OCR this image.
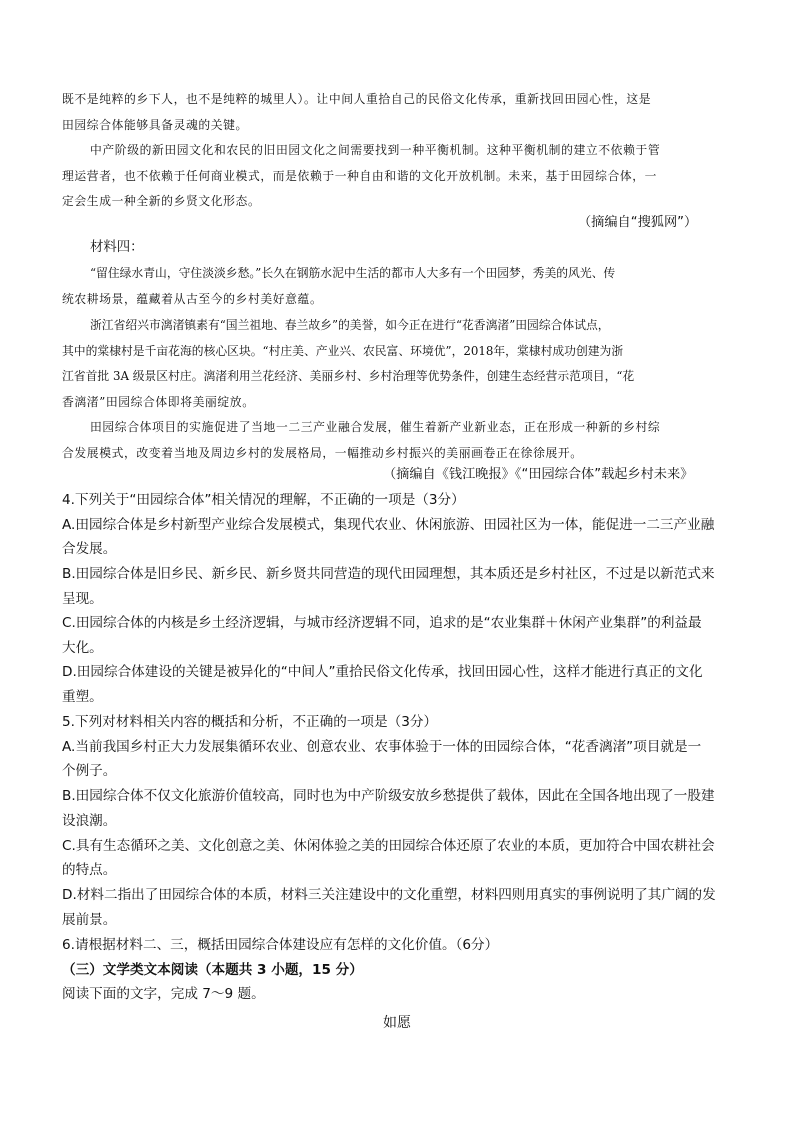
既不是纯粹的乡下人，也不是纯粹的城里人）。让中间人重拾自己的民俗文化传承，重新找回田园心性，这是
田园综合体能够具备灵魂的关键。
中产阶级的新田园文化和农民的旧田园文化之间需要找到一种平衡机制。这种平衡机制的建立不依赖于管
理运营者，也不依赖于任何商业模式，而是依赖于一种自由和谐的文化开放机制。未来，基于田园综合体，一
定会生成一种全新的乡贤文化形态。
（摘编自“搜狐网”）
材料四：
“留住绿水青山，守住淡淡乡愁。”长久在钢筋水泥中生活的都市人大多有一个田园梦，秀美的风光、传
统农耕场景，蕴藏着从古至今的乡村美好意蕴。
浙江省绍兴市漓渚镇素有“国兰祖地、春兰故乡”的美誉，如今正在进行“花香漓渚”田园综合体试点，
其中的棠棣村是千亩花海的核心区块。“村庄美、产业兴、农民富、环境优”，2018年，棠棣村成功创建为浙
江省首批 3A 级景区村庄。漓渚利用兰花经济、美丽乡村、乡村治理等优势条件，创建生态经营示范项目，“花
香漓渚”田园综合体即将美丽绽放。
田园综合体项目的实施促进了当地一二三产业融合发展，催生着新产业新业态，正在形成一种新的乡村综
合发展模式，改变着当地及周边乡村的发展格局，一幅推动乡村振兴的美丽画卷正在徐徐展开。
（摘编自《钱江晚报》《“田园综合体”载起乡村未来》
4.下列关于“田园综合体”相关情况的理解，不正确的一项是（3分）
A.田园综合体是乡村新型产业综合发展模式，集现代农业、休闲旅游、田园社区为一体，能促进一二三产业融
合发展。
B.田园综合体是旧乡民、新乡民、新乡贤共同营造的现代田园理想，其本质还是乡村社区，不过是以新范式来
呈现。
C.田园综合体的内核是乡土经济逻辑，与城市经济逻辑不同，追求的是“农业集群＋休闲产业集群”的利益最
大化。
D.田园综合体建设的关键是被异化的“中间人”重拾民俗文化传承，找回田园心性，这样才能进行真正的文化
重塑。
5.下列对材料相关内容的概括和分析，不正确的一项是（3分）
A.当前我国乡村正大力发展集循环农业、创意农业、农事体验于一体的田园综合体，“花香漓渚”项目就是一
个例子。
B.田园综合体不仅文化旅游价值较高，同时也为中产阶级安放乡愁提供了载体，因此在全国各地出现了一股建
设浪潮。
C.具有生态循环之美、文化创意之美、休闲体验之美的田园综合体还原了农业的本质，更加符合中国农耕社会
的特点。
D.材料二指出了田园综合体的本质，材料三关注建设中的文化重塑，材料四则用真实的事例说明了其广阔的发
展前景。
6.请根据材料二、三，概括田园综合体建设应有怎样的文化价值。（6分）
（三）文学类文本阅读（本题共 3 小题，15 分）
阅读下面的文字，完成 7～9 题。
如愿
